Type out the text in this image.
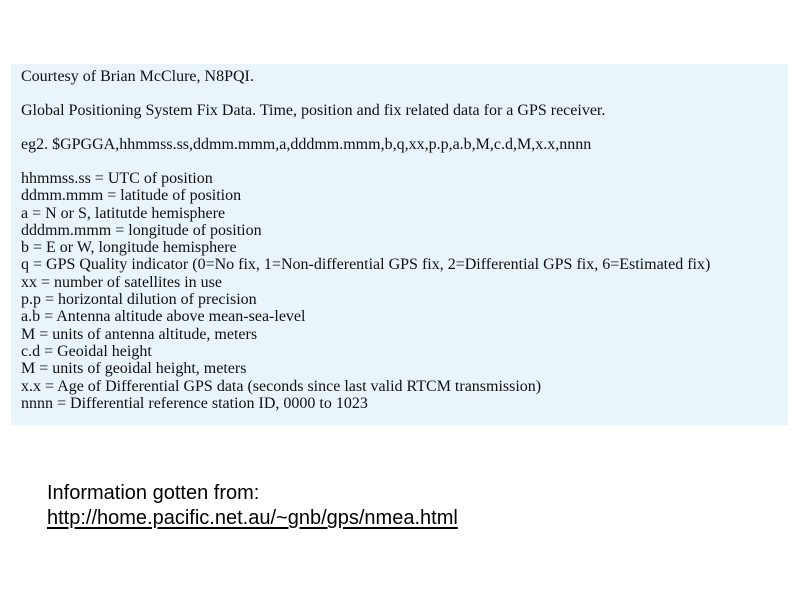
Courtesy of Brian McClure, N8PQI.

Global Positioning System Fix Data. Time, position and fix related data for a GPS receiver.

eg2. $GPGGA,hhmmss.ss,ddmm.mmm,a,dddmm.mmm,b,q,xx,p.p,a.b,M,c.d,M,x.x,nnnn

hhmmss.ss = UTC of position
ddmm.mmm = latitude of position
a = N or S, latitutde hemisphere
dddmm.mmm = longitude of position
b = E or W, longitude hemisphere
q = GPS Quality indicator (0=No fix, 1=Non-differential GPS fix, 2=Differential GPS fix, 6=Estimated fix)
xx = number of satellites in use
p.p = horizontal dilution of precision
a.b = Antenna altitude above mean-sea-level
M = units of antenna altitude, meters
c.d = Geoidal height
M = units of geoidal height, meters
x.x = Age of Differential GPS data (seconds since last valid RTCM transmission)
nnnn = Differential reference station ID, 0000 to 1023
Information gotten from:
http://home.pacific.net.au/~gnb/gps/nmea.html
